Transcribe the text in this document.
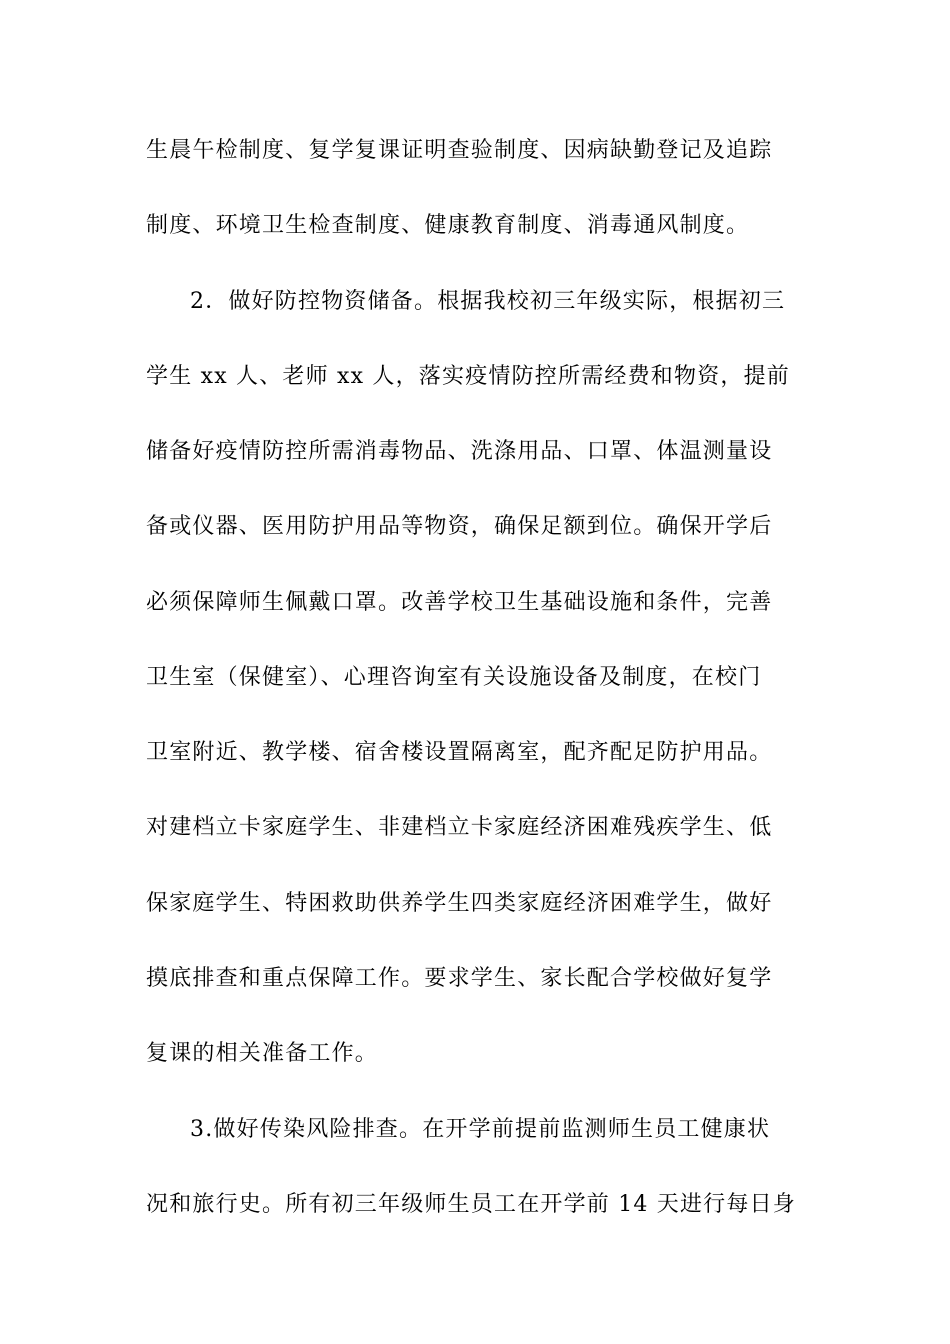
生晨午检制度、复学复课证明查验制度、因病缺勤登记及追踪
制度、环境卫生检查制度、健康教育制度、消毒通风制度。
2．做好防控物资储备。根据我校初三年级实际，根据初三
学生 xx 人、老师 xx 人，落实疫情防控所需经费和物资，提前
储备好疫情防控所需消毒物品、洗涤用品、口罩、体温测量设
备或仪器、医用防护用品等物资，确保足额到位。确保开学后
必须保障师生佩戴口罩。改善学校卫生基础设施和条件，完善
卫生室（保健室）、心理咨询室有关设施设备及制度，在校门
卫室附近、教学楼、宿舍楼设置隔离室，配齐配足防护用品。
对建档立卡家庭学生、非建档立卡家庭经济困难残疾学生、低
保家庭学生、特困救助供养学生四类家庭经济困难学生，做好
摸底排查和重点保障工作。要求学生、家长配合学校做好复学
复课的相关准备工作。
3.做好传染风险排查。在开学前提前监测师生员工健康状
况和旅行史。所有初三年级师生员工在开学前 14 天进行每日身
